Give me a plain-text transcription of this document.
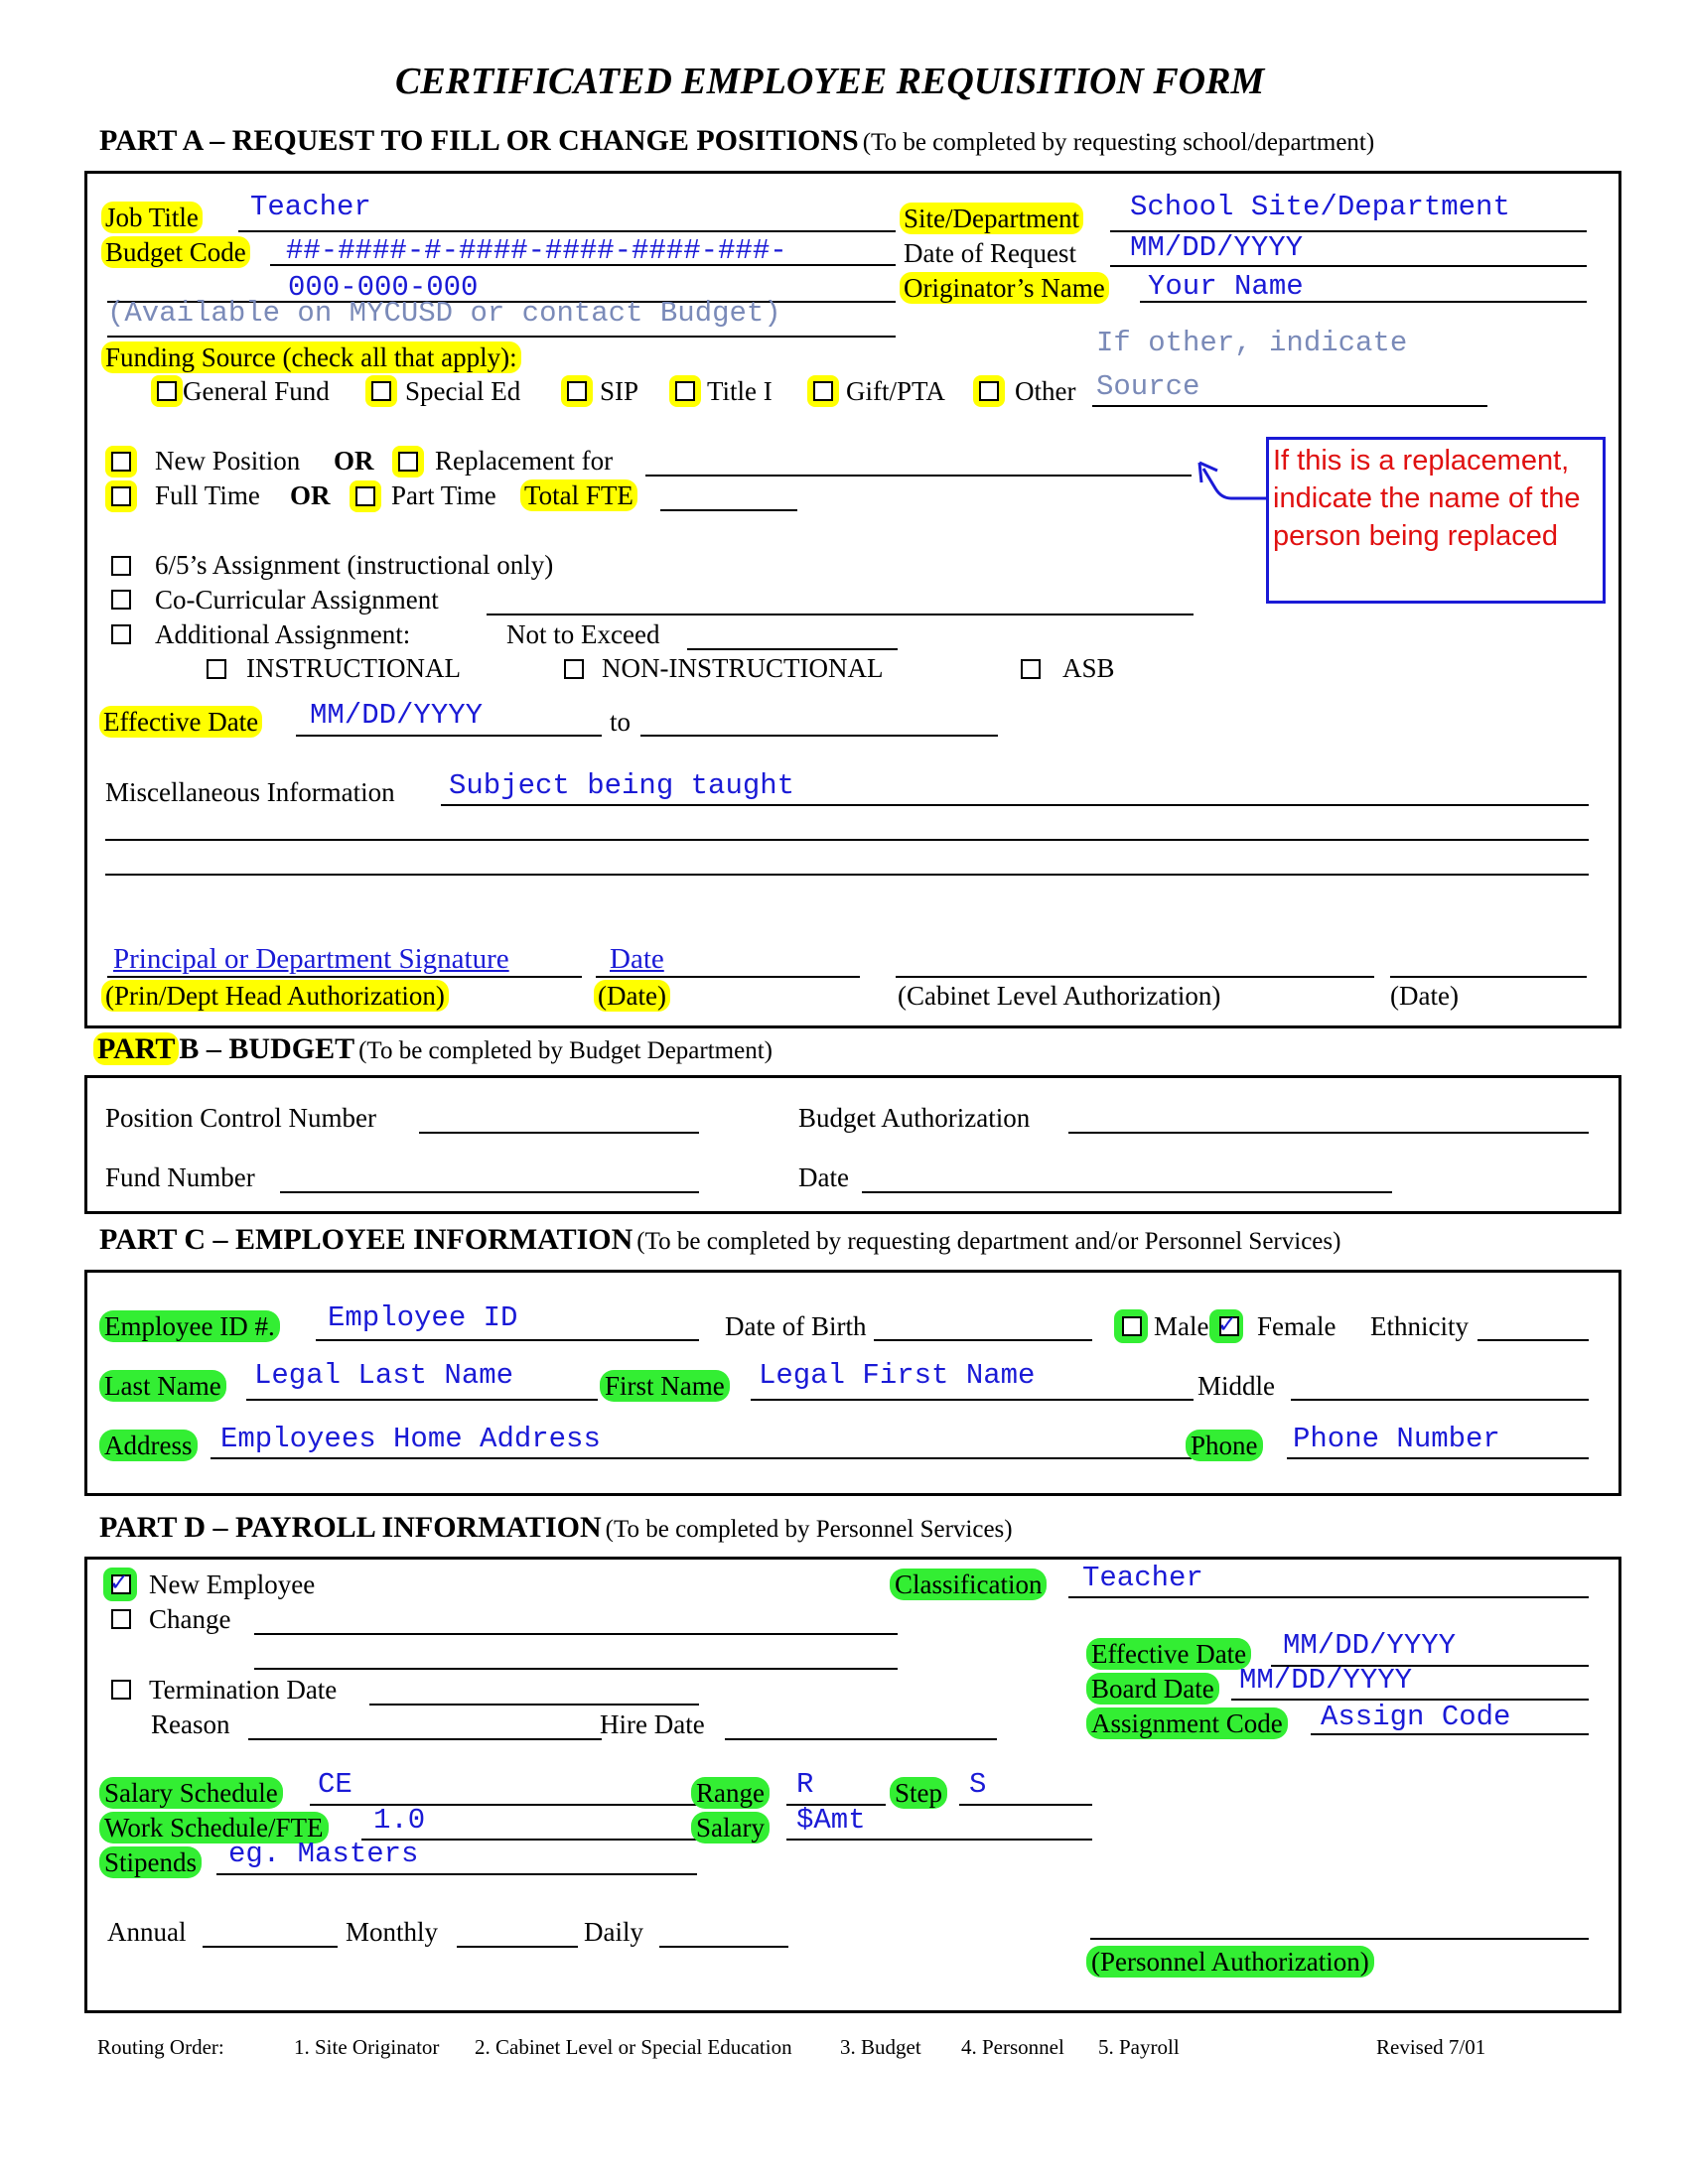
CERTIFICATED EMPLOYEE REQUISITION FORM
PART A – REQUEST TO FILL OR CHANGE POSITIONS (To be completed by requesting school/department)
Job Title Teacher
Budget Code ##-####-#-####-####-####-###-
000-000-000
(Available on MYCUSD or contact Budget)
Site/Department School Site/Department
Date of Request MM/DD/YYYY
Originator’s Name Your Name
Funding Source (check all that apply):
General Fund	Special Ed	SIP	Title I	Gift/PTA	Other
If other, indicate
Source
New Position OR Replacement for
Full Time OR Part Time Total FTE
If this is a replacement, indicate the name of the person being replaced
6/5’s Assignment (instructional only)
Co-Curricular Assignment
Additional Assignment:	Not to Exceed
INSTRUCTIONAL	NON-INSTRUCTIONAL	ASB
Effective Date MM/DD/YYYY	to
Miscellaneous Information Subject being taught
Principal or Department Signature	Date
(Prin/Dept Head Authorization)	(Date)	(Cabinet Level Authorization)	(Date)
PART B – BUDGET (To be completed by Budget Department)
Position Control Number	Budget Authorization
Fund Number	Date
PART C – EMPLOYEE INFORMATION (To be completed by requesting department and/or Personnel Services)
Employee ID #. Employee ID	Date of Birth	Male ✓ Female Ethnicity
Last Name Legal Last Name	First Name Legal First Name	Middle
Address Employees Home Address	Phone Phone Number
PART D – PAYROLL INFORMATION (To be completed by Personnel Services)
✓ New Employee
Change
Termination Date
Reason	Hire Date
Classification Teacher
Effective Date MM/DD/YYYY
Board Date MM/DD/YYYY
Assignment Code Assign Code
Salary Schedule CE	Range R	Step S
Work Schedule/FTE 1.0	Salary $Amt
Stipends eg. Masters
Annual	Monthly	Daily
(Personnel Authorization)
Routing Order:	1. Site Originator 2. Cabinet Level or Special Education 3. Budget 4. Personnel 5. Payroll	Revised 7/01
